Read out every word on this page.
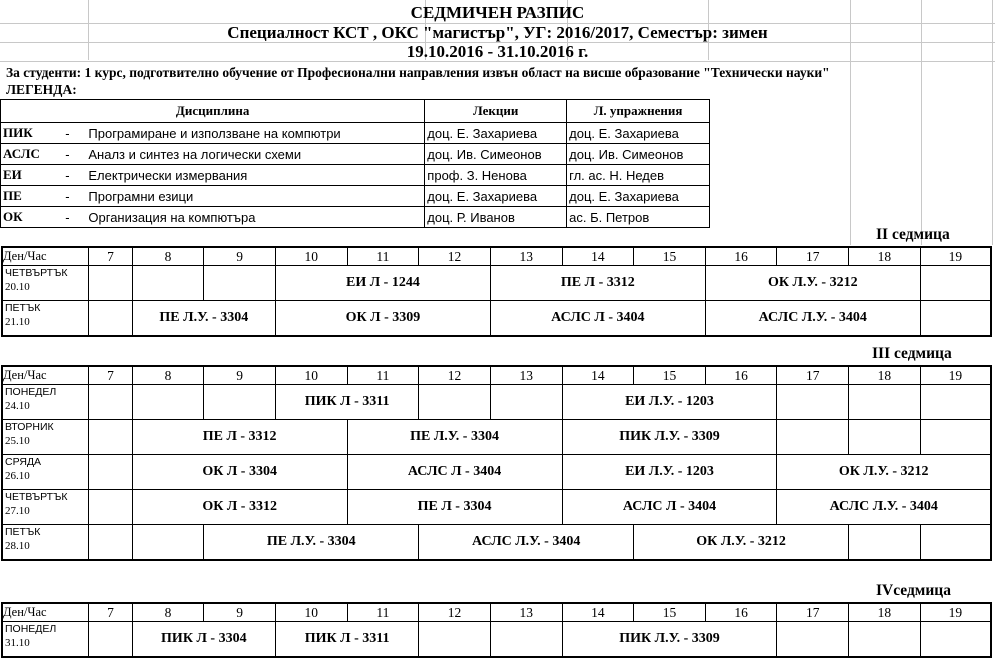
СЕДМИЧЕН РАЗПИС
Специалност КСТ , ОКС "магистър", УГ: 2016/2017, Семестър: зимен
19.10.2016 - 31.10.2016 г.
За студенти: 1 курс, подготвително обучение от Професионални направления извън област на висше образование "Технически науки"
ЛЕГЕНДА:
Дисциплина			Лекции	Л. упражнения
ПИК	-	Програмиране и използване на компютри	доц. Е. Захариева	доц. Е. Захариева
АСЛС	-	Аналз и синтез на логически схеми	доц. Ив. Симеонов	доц. Ив. Симеонов
ЕИ	-	Електрически измервания	проф. З. Ненова	гл. ас. Н. Недев
ПЕ	-	Програмни езици	доц. Е. Захариева	доц. Е. Захариева
ОК	-	Организация на компютъра	доц. Р. Иванов	ас. Б. Петров
II седмица
Ден/Час	7	8	9	10	11	12	13	14	15	16	17	18	19

ЧЕТВЪРТЪК
20.10				ЕИ Л - 1244			ПЕ Л - 3312			ОК Л.У. - 3212			

ПЕТЪК
21.10		ПЕ Л.У. - 3304		ОК Л - 3309			АСЛС Л - 3404			АСЛС Л.У. - 3404			
III седмица
Ден/Час	7	8	9	10	11	12	13	14	15	16	17	18	19

ПОНЕДЕЛ
24.10				ПИК Л - 3311				ЕИ Л.У. - 1203					

ВТОРНИК
25.10		ПЕ Л - 3312			ПЕ Л.У. - 3304			ПИК Л.У. - 3309					

СРЯДА
26.10		ОК Л - 3304			АСЛС Л - 3404			ЕИ Л.У. - 1203			ОК Л.У. - 3212		

ЧЕТВЪРТЪК
27.10		ОК Л - 3312			ПЕ Л - 3304			АСЛС Л - 3404			АСЛС Л.У. - 3404		

ПЕТЪК
28.10			ПЕ Л.У. - 3304			АСЛС Л.У. - 3404			ОК Л.У. - 3212				
IVседмица
Ден/Час	7	8	9	10	11	12	13	14	15	16	17	18	19

ПОНЕДЕЛ
31.10		ПИК Л - 3304		ПИК Л - 3311				ПИК Л.У. - 3309					
